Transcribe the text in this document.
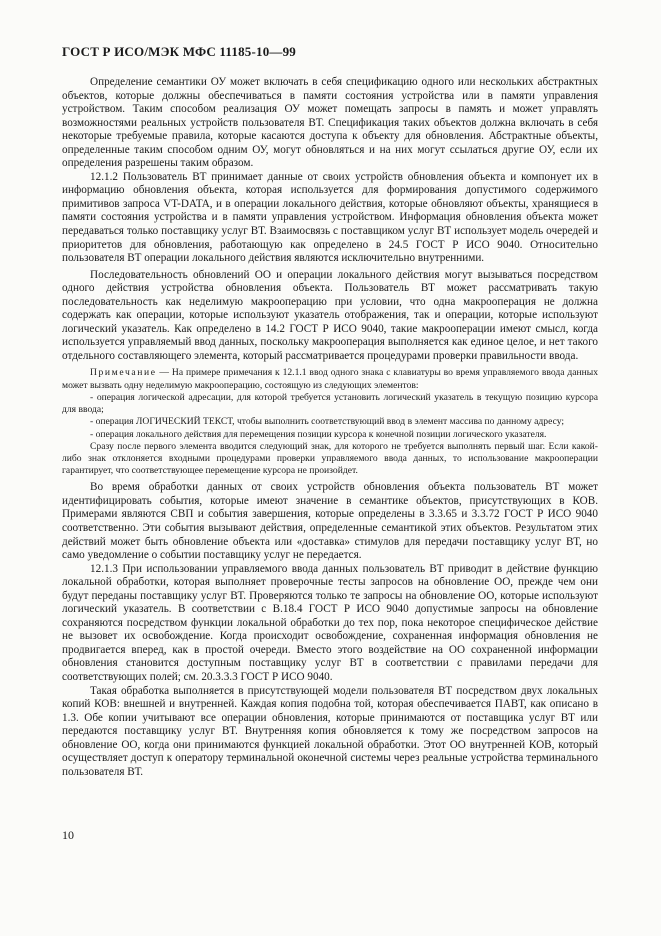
ГОСТ Р ИСО/МЭК МФС 11185-10—99

Определение семантики ОУ может включать в себя спецификацию одного или нескольких абстрактных объектов, которые должны обеспечиваться в памяти состояния устройства или в памяти управления устройством. Таким способом реализация ОУ может помещать запросы в память и может управлять возможностями реальных устройств пользователя ВТ. Спецификация таких объектов должна включать в себя некоторые требуемые правила, которые касаются доступа к объекту для обновления. Абстрактные объекты, определенные таким способом одним ОУ, могут обновляться и на них могут ссылаться другие ОУ, если их определения разрешены таким образом.

12.1.2 Пользователь ВТ принимает данные от своих устройств обновления объекта и компонует их в информацию обновления объекта, которая используется для формирования допустимого содержимого примитивов запроса VT-DATA, и в операции локального действия, которые обновляют объекты, хранящиеся в памяти состояния устройства и в памяти управления устройством. Информация обновления объекта может передаваться только поставщику услуг ВТ. Взаимосвязь с поставщиком услуг ВТ использует модель очередей и приоритетов для обновления, работающую как определено в 24.5 ГОСТ Р ИСО 9040. Относительно пользователя ВТ операции локального действия являются исключительно внутренними.

Последовательность обновлений ОО и операции локального действия могут вызываться посредством одного действия устройства обновления объекта. Пользователь ВТ может рассматривать такую последовательность как неделимую макрооперацию при условии, что одна макрооперация не должна содержать как операции, которые используют указатель отображения, так и операции, которые используют логический указатель. Как определено в 14.2 ГОСТ Р ИСО 9040, такие макрооперации имеют смысл, когда используется управляемый ввод данных, поскольку макрооперация выполняется как единое целое, и нет такого отдельного составляющего элемента, который рассматривается процедурами проверки правильности ввода.

Примечание — На примере примечания к 12.1.1 ввод одного знака с клавиатуры во время управляемого ввода данных может вызвать одну неделимую макрооперацию, состоящую из следующих элементов:

- операция логической адресации, для которой требуется установить логический указатель в текущую позицию курсора для ввода;

- операция ЛОГИЧЕСКИЙ ТЕКСТ, чтобы выполнить соответствующий ввод в элемент массива по данному адресу;

- операция локального действия для перемещения позиции курсора к конечной позиции логического указателя.

Сразу после первого элемента вводится следующий знак, для которого не требуется выполнять первый шаг. Если какой-либо знак отклоняется входными процедурами проверки управляемого ввода данных, то использование макрооперации гарантирует, что соответствующее перемещение курсора не произойдет.

Во время обработки данных от своих устройств обновления объекта пользователь ВТ может идентифицировать события, которые имеют значение в семантике объектов, присутствующих в КОВ. Примерами являются СВП и события завершения, которые определены в 3.3.65 и 3.3.72 ГОСТ Р ИСО 9040 соответственно. Эти события вызывают действия, определенные семантикой этих объектов. Результатом этих действий может быть обновление объекта или «доставка» стимулов для передачи поставщику услуг ВТ, но само уведомление о событии поставщику услуг не передается.

12.1.3 При использовании управляемого ввода данных пользователь ВТ приводит в действие функцию локальной обработки, которая выполняет проверочные тесты запросов на обновление ОО, прежде чем они будут переданы поставщику услуг ВТ. Проверяются только те запросы на обновление ОО, которые используют логический указатель. В соответствии с В.18.4 ГОСТ Р ИСО 9040 допустимые запросы на обновление сохраняются посредством функции локальной обработки до тех пор, пока некоторое специфическое действие не вызовет их освобождение. Когда происходит освобождение, сохраненная информация обновления не продвигается вперед, как в простой очереди. Вместо этого воздействие на ОО сохраненной информации обновления становится доступным поставщику услуг ВТ в соответствии с правилами передачи для соответствующих полей; см. 20.3.3.3 ГОСТ Р ИСО 9040.

Такая обработка выполняется в присутствующей модели пользователя ВТ посредством двух локальных копий КОВ: внешней и внутренней. Каждая копия подобна той, которая обеспечивается ПАВТ, как описано в 1.3. Обе копии учитывают все операции обновления, которые принимаются от поставщика услуг ВТ или передаются поставщику услуг ВТ. Внутренняя копия обновляется к тому же посредством запросов на обновление ОО, когда они принимаются функцией локальной обработки. Этот ОО внутренней КОВ, который осуществляет доступ к оператору терминальной оконечной системы через реальные устройства терминального пользователя ВТ.

10
